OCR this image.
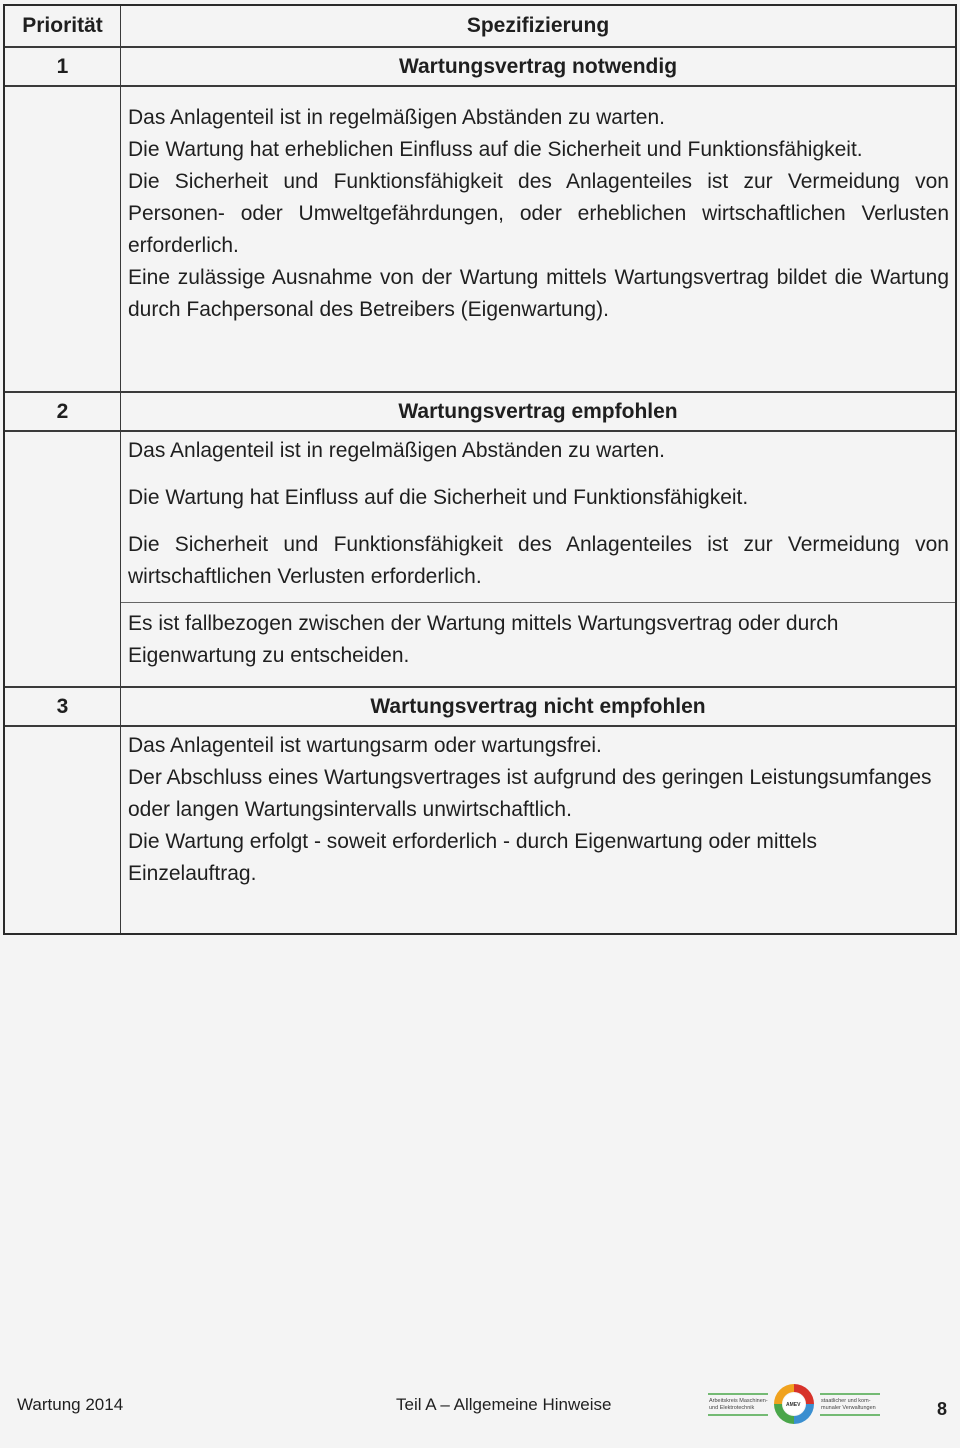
Priorität	Spezifizierung
1	Wartungsvertrag notwendig

Das Anlagenteil ist in regelmäßigen Abständen zu warten.

Die Wartung hat erheblichen Einfluss auf die Sicherheit und Funktionsfähigkeit.

Die Sicherheit und Funktionsfähigkeit des Anlagenteiles ist zur Vermeidung von Personen- oder Umweltgefährdungen, oder erheblichen wirtschaftlichen Verlusten erforderlich.

Eine zulässige Ausnahme von der Wartung mittels Wartungsvertrag bildet die Wartung durch Fachpersonal des Betreibers (Eigenwartung).

2	Wartungsvertrag empfohlen

Das Anlagenteil ist in regelmäßigen Abständen zu warten.

Die Wartung hat Einfluss auf die Sicherheit und Funktionsfähigkeit.

Die Sicherheit und Funktionsfähigkeit des Anlagenteiles ist zur Vermeidung von wirtschaftlichen Verlusten erforderlich.

Es ist fallbezogen zwischen der Wartung mittels Wartungsvertrag oder durch Eigenwartung zu entscheiden.

3	Wartungsvertrag nicht empfohlen

Das Anlagenteil ist wartungsarm oder wartungsfrei.

Der Abschluss eines Wartungsvertrages ist aufgrund des geringen Leistungsumfanges oder langen Wartungsintervalls unwirtschaftlich.

Die Wartung erfolgt - soweit erforderlich - durch Eigenwartung oder mittels Einzelauftrag.

Wartung 2014	Teil A – Allgemeine Hinweise	Arbeitskreis Maschinen-
und Elektrotechnik	AMEV
staatlicher und kom-
munaler Verwaltungen	8
